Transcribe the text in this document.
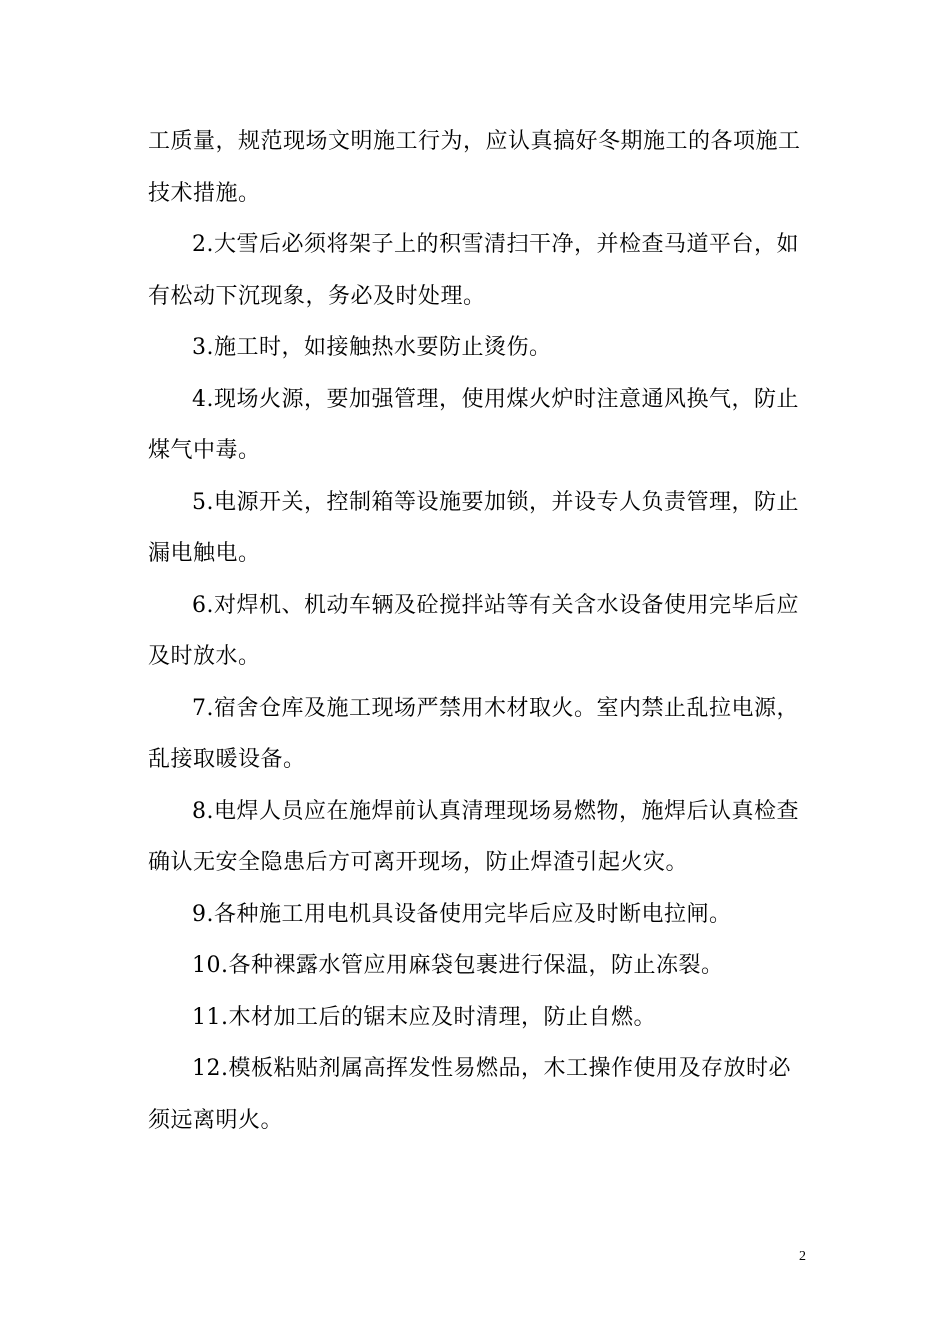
工质量，规范现场文明施工行为，应认真搞好冬期施工的各项施工技术措施。

2.大雪后必须将架子上的积雪清扫干净，并检查马道平台，如有松动下沉现象，务必及时处理。

3.施工时，如接触热水要防止烫伤。

4.现场火源，要加强管理，使用煤火炉时注意通风换气，防止煤气中毒。

5.电源开关，控制箱等设施要加锁，并设专人负责管理，防止漏电触电。

6.对焊机、机动车辆及砼搅拌站等有关含水设备使用完毕后应及时放水。

7.宿舍仓库及施工现场严禁用木材取火。室内禁止乱拉电源，乱接取暖设备。

8.电焊人员应在施焊前认真清理现场易燃物，施焊后认真检查确认无安全隐患后方可离开现场，防止焊渣引起火灾。

9.各种施工用电机具设备使用完毕后应及时断电拉闸。

10.各种裸露水管应用麻袋包裹进行保温，防止冻裂。

11.木材加工后的锯末应及时清理，防止自燃。

12.模板粘贴剂属高挥发性易燃品，木工操作使用及存放时必须远离明火。

2
